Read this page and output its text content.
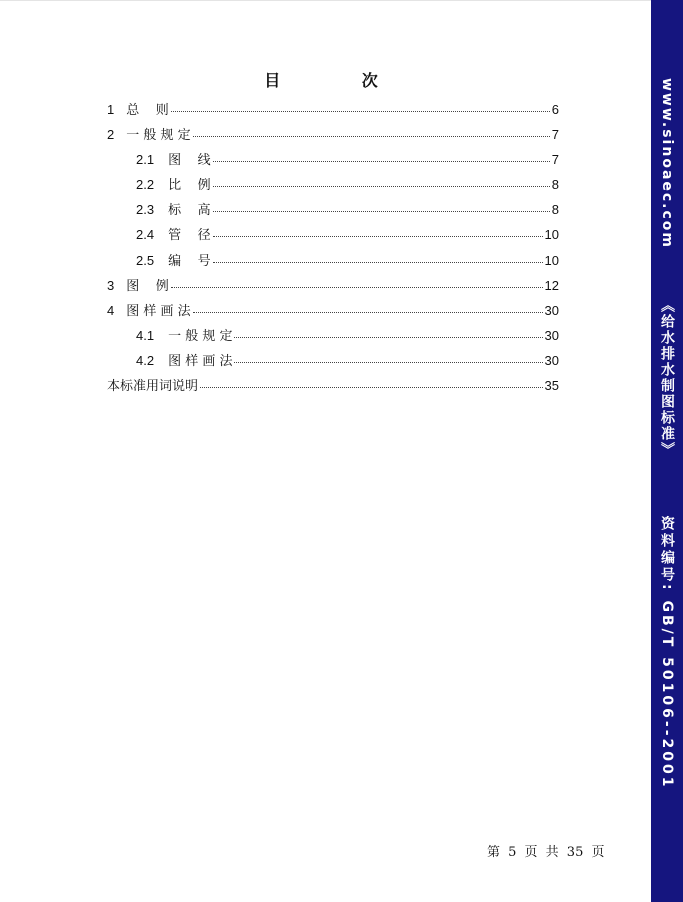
目 次
1 总    则	6
2 一 般 规 定	7
2.1 图    线	7
2.2 比    例	8
2.3 标    高	8
2.4 管    径	10
2.5 编    号	10
3 图    例	12
4 图 样 画 法	30
4.1 一 般 规 定	30
4.2 图 样 画 法	30
本标准用词说明	35
第 5 页 共 35 页
www.sinoaec.com
《给水排水制图标准》
资料编号: GB/T 50106--2001
